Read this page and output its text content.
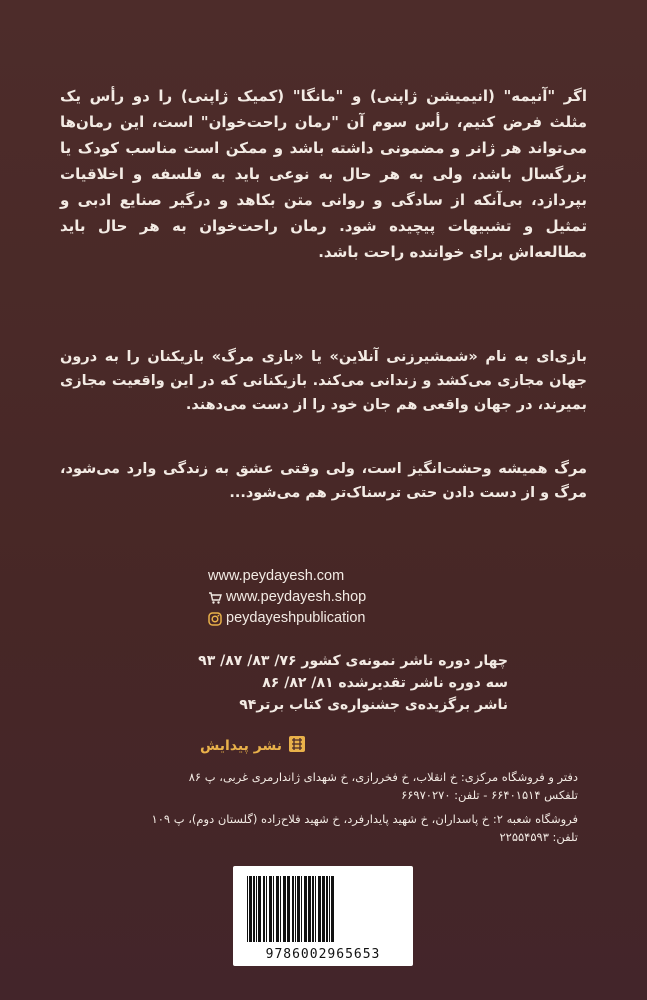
اگر "آنیمه" (انیمیشن ژاپنی) و "مانگا" (کمیک ژاپنی) را دو رأس یک مثلث فرض کنیم، رأس سوم آن "رمان راحت‌خوان" است، این رمان‌ها می‌تواند هر ژانر و مضمونی داشته باشد و ممکن است مناسب کودک یا بزرگسال باشد، ولی به هر حال به نوعی باید به فلسفه و اخلاقیات بپردازد، بی‌آنکه از سادگی و روانی متن بکاهد و درگیر صنایع ادبی و تمثیل و تشبیهات پیچیده شود. رمان راحت‌خوان به هر حال باید مطالعه‌اش برای خواننده راحت باشد.

بازی‌ای به نام «شمشیرزنی آنلاین» یا «بازی مرگ» بازیکنان را به درون جهان مجازی می‌کشد و زندانی می‌کند. بازیکنانی که در این واقعیت مجازی بمیرند، در جهان واقعی هم جان خود را از دست می‌دهند.

مرگ همیشه وحشت‌انگیز است، ولی وقتی عشق به زندگی وارد می‌شود، مرگ و از دست دادن حتی ترسناک‌تر هم می‌شود...

www.peydayesh.com
www.peydayesh.shop
peydayeshpublication
چهار دوره ناشر نمونه‌ی کشور ۷۶/ ۸۳/ ۸۷/ ۹۳
سه دوره ناشر تقدیرشده ۸۱/ ۸۲/ ۸۶
ناشر برگزیده‌ی جشنواره‌ی کتاب برتر۹۴
نشر پیدایش
دفتر و فروشگاه مرکزی: خ انقلاب، خ فخررازی، خ شهدای ژاندارمری غربی، پ ۸۶
تلفکس ۶۶۴۰۱۵۱۴ - تلفن: ۶۶۹۷۰۲۷۰
فروشگاه شعبه ۲: خ پاسداران، خ شهید پایدارفرد، خ شهید فلاح‌زاده (گلستان دوم)، پ ۱۰۹
تلفن: ۲۲۵۵۴۵۹۳
9786002965653
